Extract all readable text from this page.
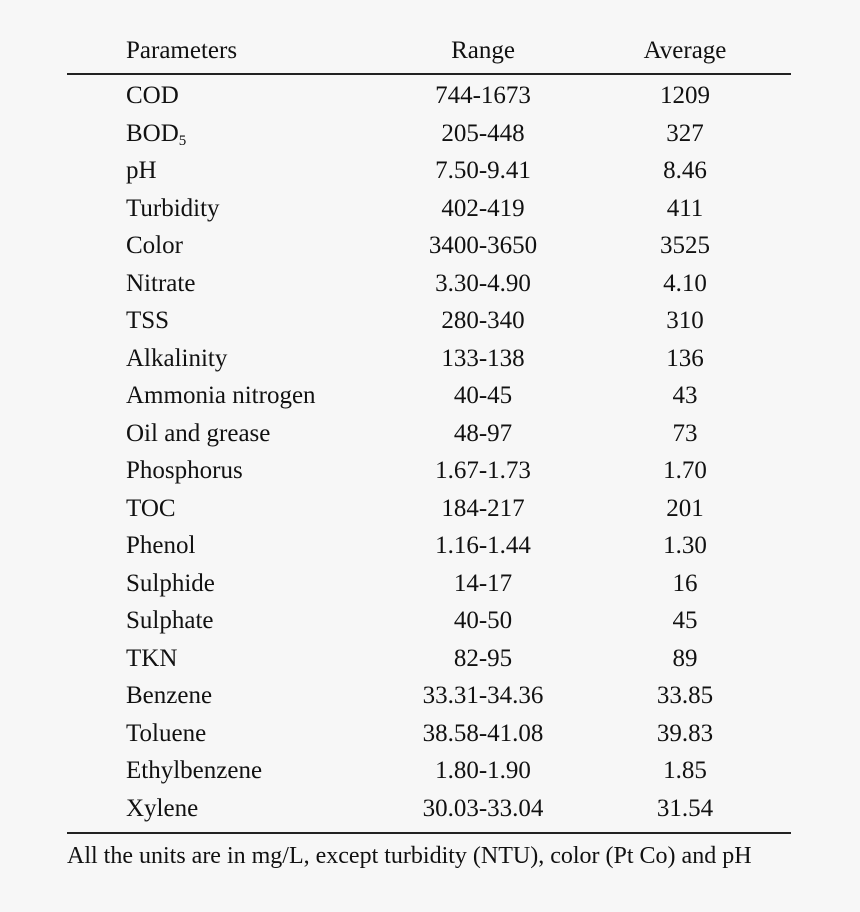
Parameters	Range	Average
COD	744-1673	1209
$BOD_5$	205-448	327
pH	7.50-9.41	8.46
Turbidity	402-419	411
Color	3400-3650	3525
Nitrate	3.30-4.90	4.10
TSS	280-340	310
Alkalinity	133-138	136
Ammonia nitrogen	40-45	43
Oil and grease	48-97	73
Phosphorus	1.67-1.73	1.70
TOC	184-217	201
Phenol	1.16-1.44	1.30
Sulphide	14-17	16
Sulphate	40-50	45
TKN	82-95	89
Benzene	33.31-34.36	33.85
Toluene	38.58-41.08	39.83
Ethylbenzene	1.80-1.90	1.85
Xylene	30.03-33.04	31.54
All the units are in mg/L, except turbidity (NTU), color (Pt Co) and pH
